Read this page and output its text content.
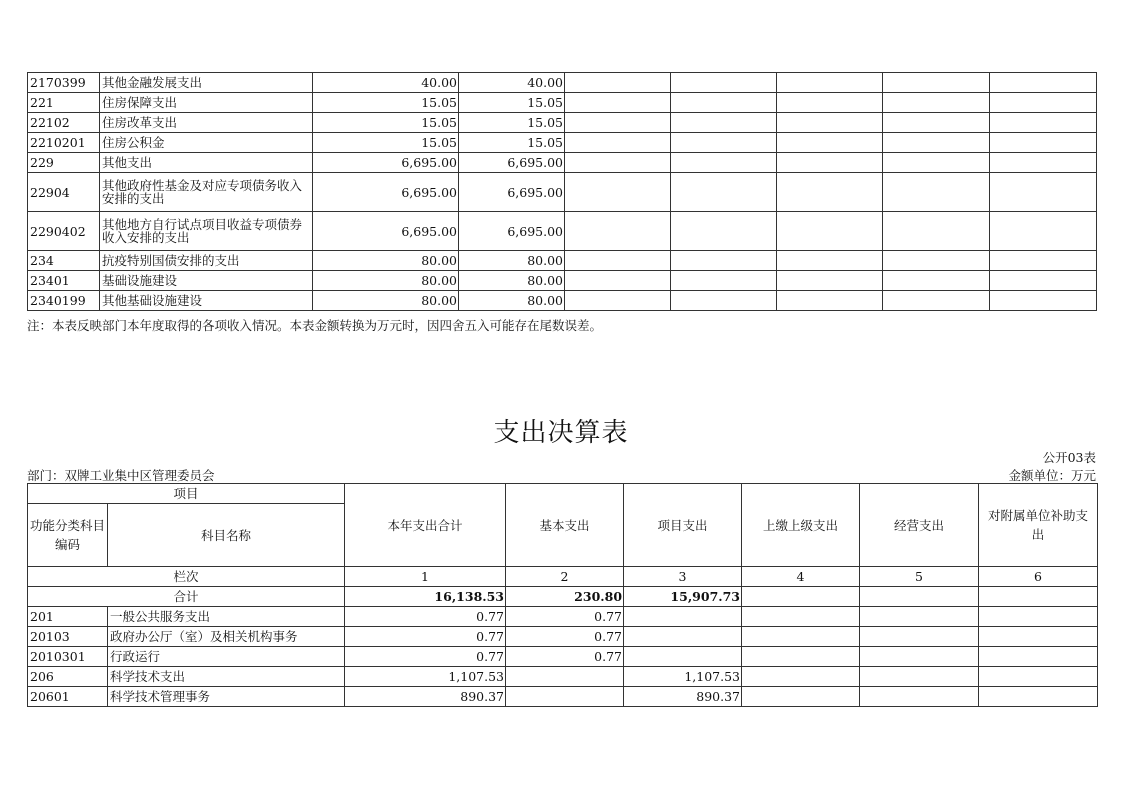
2170399	其他金融发展支出	40.00	40.00					
221	住房保障支出	15.05	15.05					
22102	住房改革支出	15.05	15.05					
2210201	住房公积金	15.05	15.05					
229	其他支出	6,695.00	6,695.00					
22904	其他政府性基金及对应专项债务收入安排的支出	6,695.00	6,695.00					
2290402	其他地方自行试点项目收益专项债券收入安排的支出	6,695.00	6,695.00					
234	抗疫特别国债安排的支出	80.00	80.00					
23401	基础设施建设	80.00	80.00					
2340199	其他基础设施建设	80.00	80.00					
注：本表反映部门本年度取得的各项收入情况。本表金额转换为万元时，因四舍五入可能存在尾数误差。
支出决算表
公开03表
部门：双牌工业集中区管理委员会	金额单位：万元
项目		本年支出合计	基本支出	项目支出	上缴上级支出	经营支出	对附属单位补助支出
功能分类科目编码	科目名称						
栏次		1	2	3	4	5	6
合计		16,138.53	230.80	15,907.73			
201	一般公共服务支出	0.77	0.77				
20103	政府办公厅（室）及相关机构事务	0.77	0.77				
2010301	行政运行	0.77	0.77				
206	科学技术支出	1,107.53		1,107.53			
20601	科学技术管理事务	890.37		890.37			
